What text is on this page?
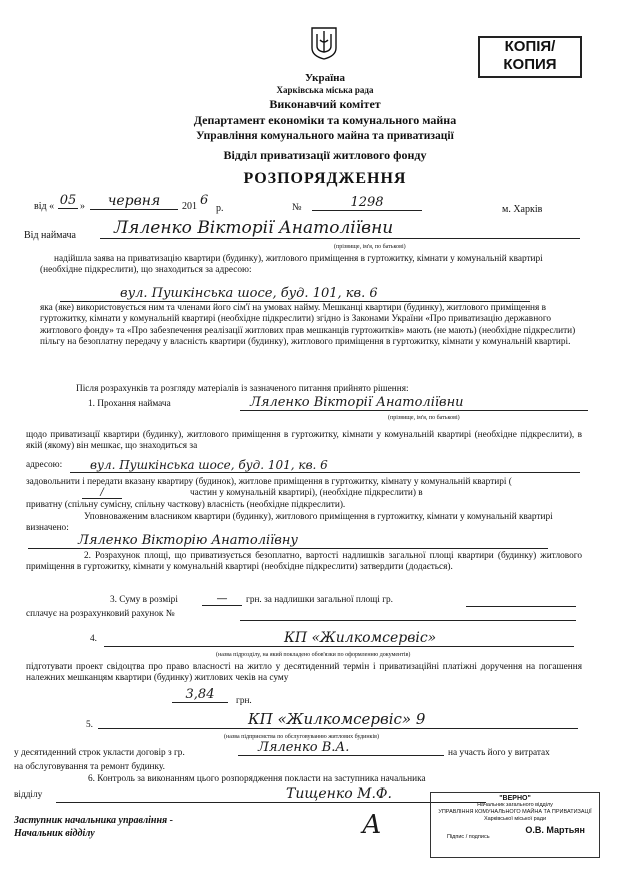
КОПІЯ/
КОПИЯ
Україна
Харківська міська рада
Виконавчий комітет
Департамент економіки та комунального майна
Управління комунального майна та приватизації
Відділ приватизації житлового фонду
РОЗПОРЯДЖЕННЯ
від « 05 »	червня	201 6
р.	№	1298	м. Харків
Від наймача	Ляленко Вікторії Анатоліївни
(прізвище, ім'я, по батькові)
надійшла заява на приватизацію квартири (будинку), житлового приміщення в гуртожитку, кімнати у комунальній квартирі (необхідне підкреслити), що знаходиться за адресою:
вул. Пушкінська шосе, буд. 101, кв. 6
яка (яке) використовується ним та членами його сім'ї на умовах найму. Мешканці квартири (будинку), житлового приміщення в гуртожитку, кімнати у комунальній квартирі (необхідне підкреслити) згідно із Законами України «Про приватизацію державного житлового фонду» та «Про забезпечення реалізації житлових прав мешканців гуртожитків» мають (не мають) (необхідне підкреслити) пільгу на безоплатну передачу у власність квартири (будинку), житлового приміщення в гуртожитку, кімнати у комунальній квартирі.
Після розрахунків та розгляду матеріалів із зазначеного питання прийнято рішення:
1. Прохання наймача	Ляленко Вікторії Анатоліївни
(прізвище, ім'я, по батькові)
щодо приватизації квартири (будинку), житлового приміщення в гуртожитку, кімнати у комунальній квартирі (необхідне підкреслити), в якій (якому) він мешкає, що знаходиться за
адресою:	вул. Пушкінська шосе, буд. 101, кв. 6
задовольнити і передати вказану квартиру (будинок), житлове приміщення в гуртожитку, кімнату у комунальній квартирі (
/	частин у комунальній квартирі), (необхідне підкреслити) в
приватну (спільну сумісну, спільну часткову) власність (необхідне підкреслити).
Уповноваженим власником квартири (будинку), житлового приміщення в гуртожитку, кімнати у комунальній квартирі визначено:
Ляленко Вікторію Анатоліївну
2. Розрахунок площі, що приватизується безоплатно, вартості надлишків загальної площі квартири (будинку) житлового приміщення в гуртожитку, кімнати у комунальній квартирі (необхідне підкреслити) затвердити (додається).
3. Суму в розмірі	—	грн. за надлишки загальної площі гр.
сплачує на розрахунковий рахунок №
4.	КП «Жилкомсервіс»
(назва підрозділу, на який покладено обов'язки по оформленню документів)
підготувати проект свідоцтва про право власності на житло у десятиденний термін і приватизаційні платіжні доручення на погашення належних мешканцям квартири (будинку) житлових чеків на суму
3,84	грн.
5.	КП «Жилкомсервіс» 9
(назва підприємства по обслуговуванню житлових будинків)
у десятиденний строк укласти договір з гр.	Ляленко В.А.	на участь його у витратах
на обслуговування та ремонт будинку.
6. Контроль за виконанням цього розпорядження покласти на заступника начальника
відділу	Тищенко М.Ф.
Заступник начальника управління -
Начальник відділу	А
"ВЕРНО"
Начальник загального відділу
УПРАВЛІННЯ КОМУНАЛЬНОГО МАЙНА ТА ПРИВАТИЗАЦІЇ
Харківської міської ради
О.В. Мартьян
Підпис / подпись
